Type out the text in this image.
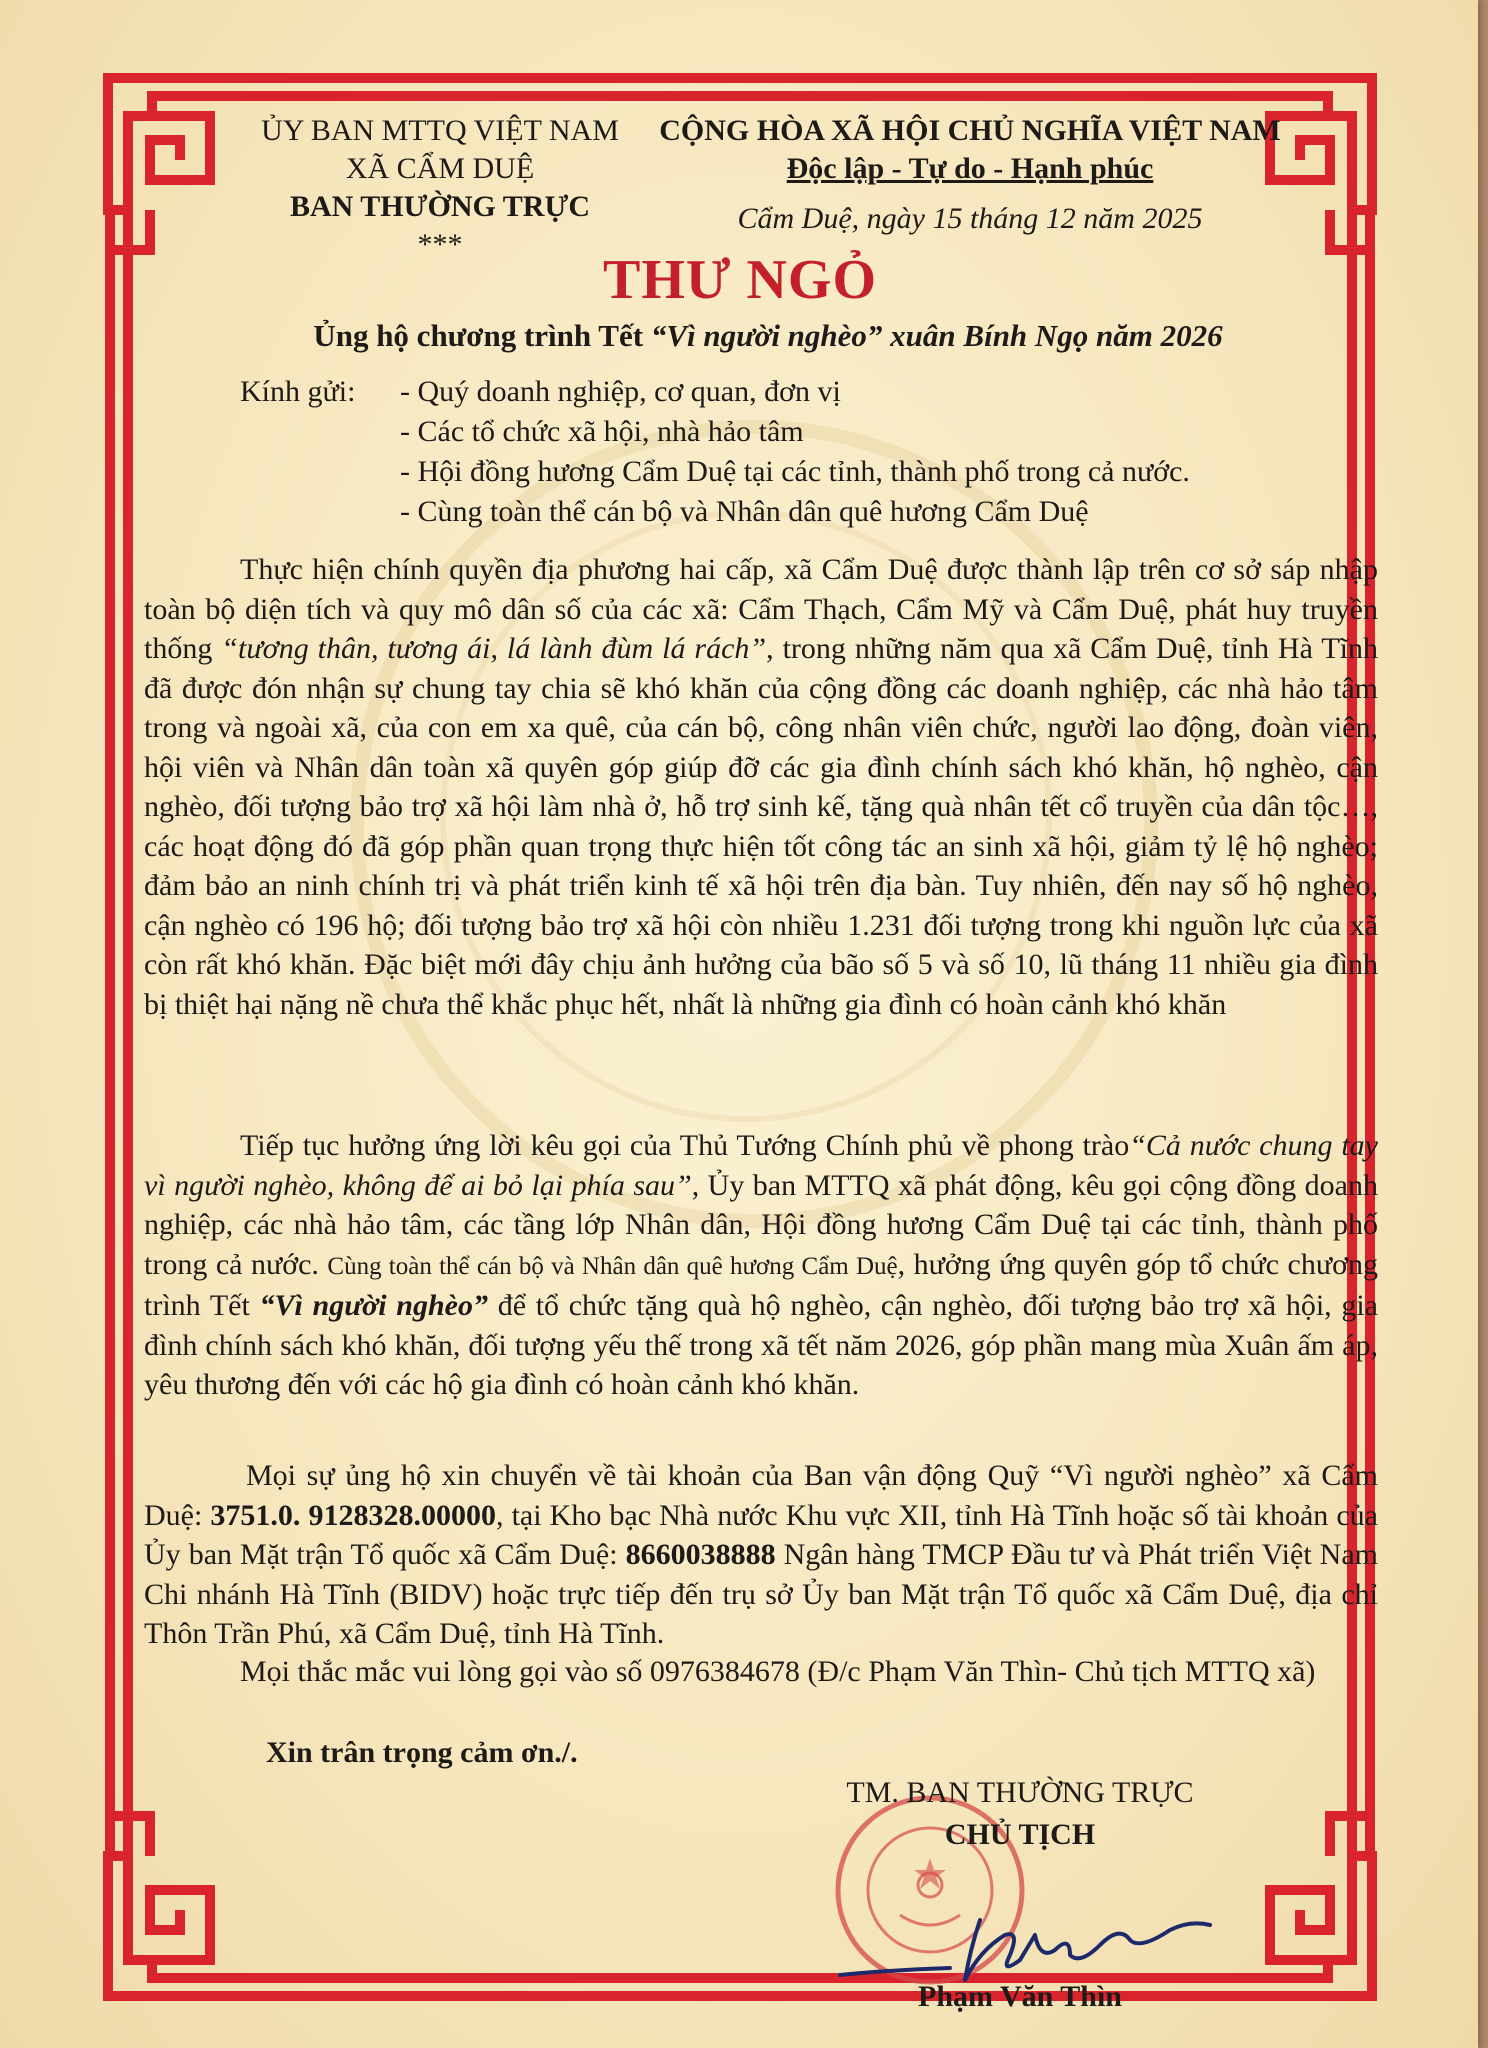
ỦY BAN MTTQ VIỆT NAM
XÃ CẨM DUỆ
BAN THƯỜNG TRỰC
***
CỘNG HÒA XÃ HỘI CHỦ NGHĨA VIỆT NAM
Độc lập - Tự do - Hạnh phúc
Cẩm Duệ, ngày 15 tháng 12 năm 2025
THƯ NGỎ
Ủng hộ chương trình Tết “Vì người nghèo” xuân Bính Ngọ năm 2026
Kính gửi: - Quý doanh nghiệp, cơ quan, đơn vị
- Các tổ chức xã hội, nhà hảo tâm
- Hội đồng hương Cẩm Duệ tại các tỉnh, thành phố trong cả nước.
- Cùng toàn thể cán bộ và Nhân dân quê hương Cẩm Duệ

Thực hiện chính quyền địa phương hai cấp, xã Cẩm Duệ được thành lập trên cơ sở sáp nhập toàn bộ diện tích và quy mô dân số của các xã: Cẩm Thạch, Cẩm Mỹ và Cẩm Duệ, phát huy truyền thống “tương thân, tương ái, lá lành đùm lá rách”, trong những năm qua xã Cẩm Duệ, tỉnh Hà Tĩnh đã được đón nhận sự chung tay chia sẽ khó khăn của cộng đồng các doanh nghiệp, các nhà hảo tâm trong và ngoài xã, của con em xa quê, của cán bộ, công nhân viên chức, người lao động, đoàn viên, hội viên và Nhân dân toàn xã quyên góp giúp đỡ các gia đình chính sách khó khăn, hộ nghèo, cận nghèo, đối tượng bảo trợ xã hội làm nhà ở, hỗ trợ sinh kế, tặng quà nhân tết cổ truyền của dân tộc…, các hoạt động đó đã góp phần quan trọng thực hiện tốt công tác an sinh xã hội, giảm tỷ lệ hộ nghèo; đảm bảo an ninh chính trị và phát triển kinh tế xã hội trên địa bàn. Tuy nhiên, đến nay số hộ nghèo, cận nghèo có 196 hộ; đối tượng bảo trợ xã hội còn nhiều 1.231 đối tượng trong khi nguồn lực của xã còn rất khó khăn. Đặc biệt mới đây chịu ảnh hưởng của bão số 5 và số 10, lũ tháng 11 nhiều gia đình bị thiệt hại nặng nề chưa thể khắc phục hết, nhất là những gia đình có hoàn cảnh khó khăn

Tiếp tục hưởng ứng lời kêu gọi của Thủ Tướng Chính phủ về phong trào“Cả nước chung tay vì người nghèo, không để ai bỏ lại phía sau”, Ủy ban MTTQ xã phát động, kêu gọi cộng đồng doanh nghiệp, các nhà hảo tâm, các tầng lớp Nhân dân, Hội đồng hương Cẩm Duệ tại các tỉnh, thành phố trong cả nước. Cùng toàn thể cán bộ và Nhân dân quê hương Cẩm Duệ, hưởng ứng quyên góp tổ chức chương trình Tết “Vì người nghèo” để tổ chức tặng quà hộ nghèo, cận nghèo, đối tượng bảo trợ xã hội, gia đình chính sách khó khăn, đối tượng yếu thế trong xã tết năm 2026, góp phần mang mùa Xuân ấm áp, yêu thương đến với các hộ gia đình có hoàn cảnh khó khăn.

Mọi sự ủng hộ xin chuyển về tài khoản của Ban vận động Quỹ “Vì người nghèo” xã Cẩm Duệ: 3751.0. 9128328.00000, tại Kho bạc Nhà nước Khu vực XII, tỉnh Hà Tĩnh hoặc số tài khoản của Ủy ban Mặt trận Tổ quốc xã Cẩm Duệ: 8660038888 Ngân hàng TMCP Đầu tư và Phát triển Việt Nam Chi nhánh Hà Tĩnh (BIDV) hoặc trực tiếp đến trụ sở Ủy ban Mặt trận Tổ quốc xã Cẩm Duệ, địa chỉ Thôn Trần Phú, xã Cẩm Duệ, tỉnh Hà Tĩnh.

Mọi thắc mắc vui lòng gọi vào số 0976384678 (Đ/c Phạm Văn Thìn- Chủ tịch MTTQ xã)

Xin trân trọng cảm ơn./.
TM. BAN THƯỜNG TRỰC
CHỦ TỊCH
Phạm Văn Thìn
